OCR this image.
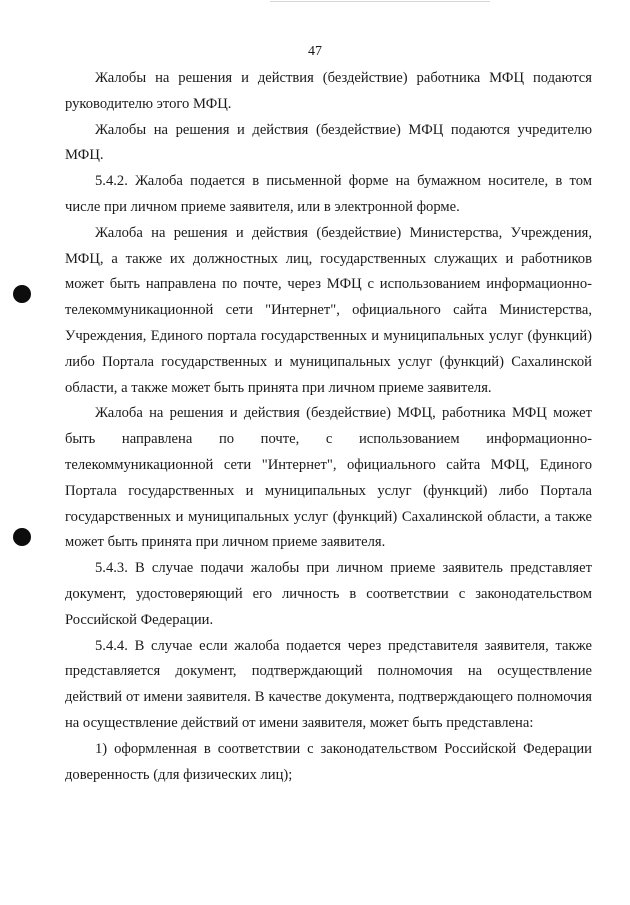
47

Жалобы на решения и действия (бездействие) работника МФЦ подаются руководителю этого МФЦ.

Жалобы на решения и действия (бездействие) МФЦ подаются учредителю МФЦ.

5.4.2. Жалоба подается в письменной форме на бумажном носителе, в том числе при личном приеме заявителя, или в электронной форме.

Жалоба на решения и действия (бездействие) Министерства, Учреждения, МФЦ, а также их должностных лиц, государственных служащих и работников может быть направлена по почте, через МФЦ с использованием информационно-телекоммуникационной сети "Интернет", официального сайта Министерства, Учреждения, Единого портала государственных и муниципальных услуг (функций) либо Портала государственных и муниципальных услуг (функций) Сахалинской области, а также может быть принята при личном приеме заявителя.

Жалоба на решения и действия (бездействие) МФЦ, работника МФЦ может быть направлена по почте, с использованием информационно-телекоммуникационной сети "Интернет", официального сайта МФЦ, Единого Портала государственных и муниципальных услуг (функций) либо Портала государственных и муниципальных услуг (функций) Сахалинской области, а также может быть принята при личном приеме заявителя.

5.4.3. В случае подачи жалобы при личном приеме заявитель представляет документ, удостоверяющий его личность в соответствии с законодательством Российской Федерации.

5.4.4. В случае если жалоба подается через представителя заявителя, также представляется документ, подтверждающий полномочия на осуществление действий от имени заявителя. В качестве документа, подтверждающего полномочия на осуществление действий от имени заявителя, может быть представлена:

1) оформленная в соответствии с законодательством Российской Федерации доверенность (для физических лиц);
